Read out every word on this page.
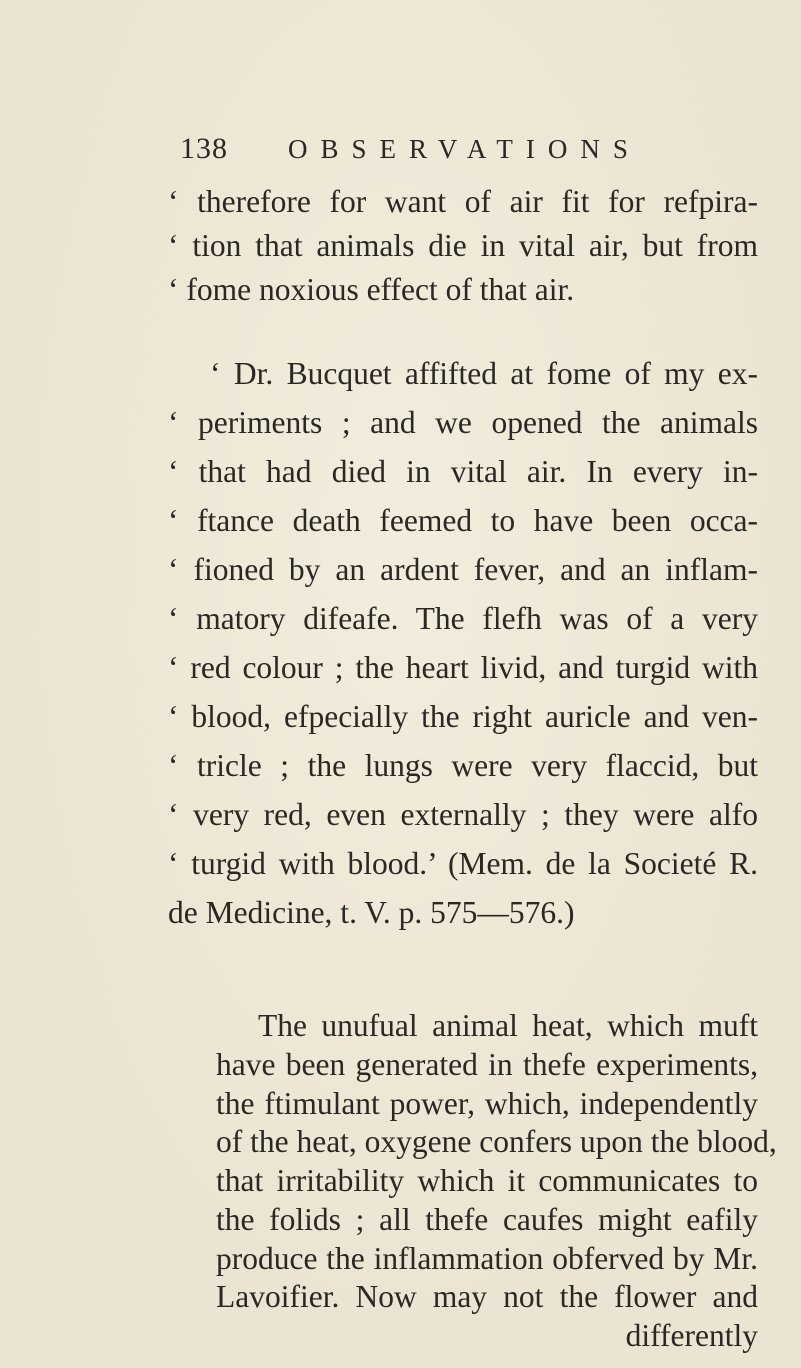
138 OBSERVATIONS
‘ therefore for want of air fit for refpira-
‘ tion that animals die in vital air, but from
‘ fome noxious effect of that air.
‘ Dr. Bucquet affifted at fome of my ex-
‘ periments ; and we opened the animals
‘ that had died in vital air. In every in-
‘ ftance death feemed to have been occa-
‘ fioned by an ardent fever, and an inflam-
‘ matory difeafe. The flefh was of a very
‘ red colour ; the heart livid, and turgid with
‘ blood, efpecially the right auricle and ven-
‘ tricle ; the lungs were very flaccid, but
‘ very red, even externally ; they were alfo
‘ turgid with blood.’ (Mem. de la Societé R.
de Medicine, t. V. p. 575—576.)
The unufual animal heat, which muft
have been generated in thefe experiments,
the ftimulant power, which, independently
of the heat, oxygene confers upon the blood,
that irritability which it communicates to
the folids ; all thefe caufes might eafily
produce the inflammation obferved by Mr.
Lavoifier. Now may not the flower and
differently
